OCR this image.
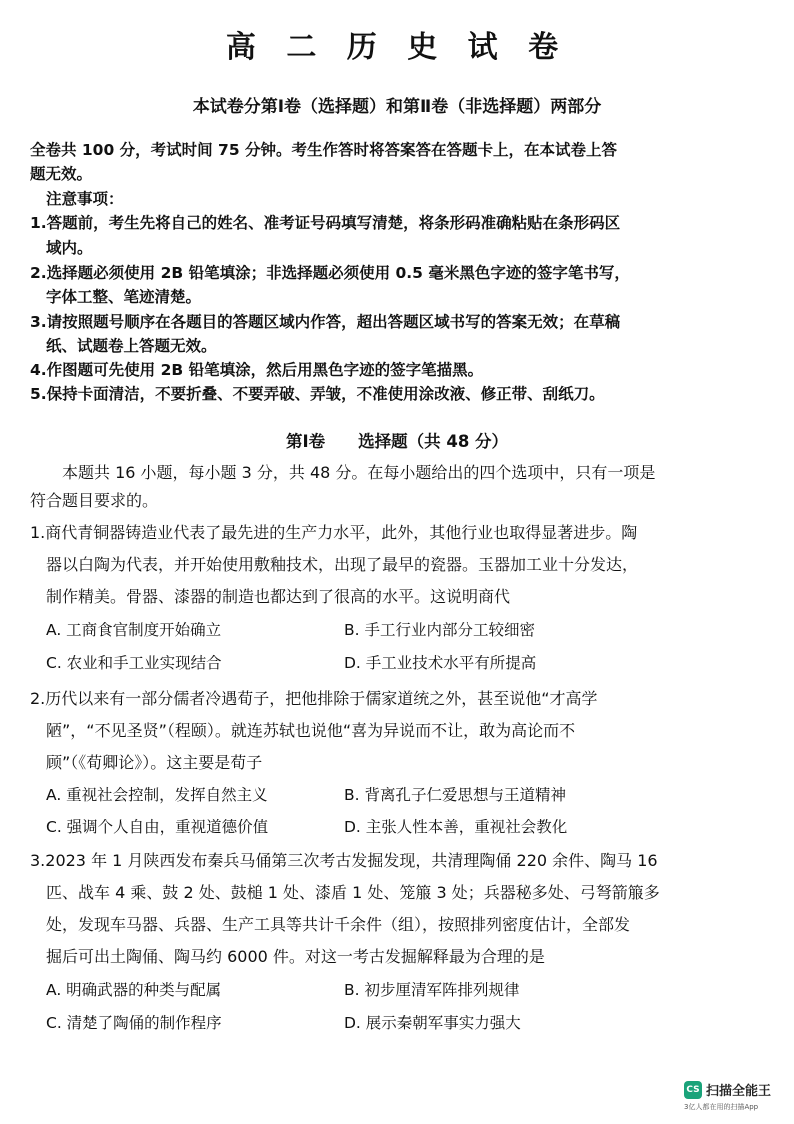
高 二 历 史 试 卷
本试卷分第Ⅰ卷（选择题）和第Ⅱ卷（非选择题）两部分
全卷共 100 分，考试时间 75 分钟。考生作答时将答案答在答题卡上，在本试卷上答
题无效。
注意事项：
1.答题前，考生先将自己的姓名、准考证号码填写清楚，将条形码准确粘贴在条形码区
域内。
2.选择题必须使用 2B 铅笔填涂；非选择题必须使用 0.5 毫米黑色字迹的签字笔书写，
字体工整、笔迹清楚。
3.请按照题号顺序在各题目的答题区域内作答，超出答题区域书写的答案无效；在草稿
纸、试题卷上答题无效。
4.作图题可先使用 2B 铅笔填涂，然后用黑色字迹的签字笔描黑。
5.保持卡面清洁，不要折叠、不要弄破、弄皱，不准使用涂改液、修正带、刮纸刀。
第Ⅰ卷　　选择题（共 48 分）
本题共 16 小题，每小题 3 分，共 48 分。在每小题给出的四个选项中，只有一项是
符合题目要求的。
1.商代青铜器铸造业代表了最先进的生产力水平，此外，其他行业也取得显著进步。陶
器以白陶为代表，并开始使用敷釉技术，出现了最早的瓷器。玉器加工业十分发达，
制作精美。骨器、漆器的制造也都达到了很高的水平。这说明商代
A. 工商食官制度开始确立	B. 手工行业内部分工较细密
C. 农业和手工业实现结合	D. 手工业技术水平有所提高
2.历代以来有一部分儒者冷遇荀子，把他排除于儒家道统之外，甚至说他“才高学
陋”，“不见圣贤”（程颐）。就连苏轼也说他“喜为异说而不让，敢为高论而不
顾”（《荀卿论》）。这主要是荀子
A. 重视社会控制，发挥自然主义	B. 背离孔子仁爱思想与王道精神
C. 强调个人自由，重视道德价值	D. 主张人性本善，重视社会教化
3.2023 年 1 月陕西发布秦兵马俑第三次考古发掘发现，共清理陶俑 220 余件、陶马 16
匹、战车 4 乘、鼓 2 处、鼓槌 1 处、漆盾 1 处、笼箙 3 处；兵器秘多处、弓弩箭箙多
处，发现车马器、兵器、生产工具等共计千余件（组），按照排列密度估计，全部发
掘后可出土陶俑、陶马约 6000 件。对这一考古发掘解释最为合理的是
A. 明确武器的种类与配属	B. 初步厘清军阵排列规律
C. 清楚了陶俑的制作程序	D. 展示秦朝军事实力强大
CS 扫描全能王
3亿人都在用的扫描App
